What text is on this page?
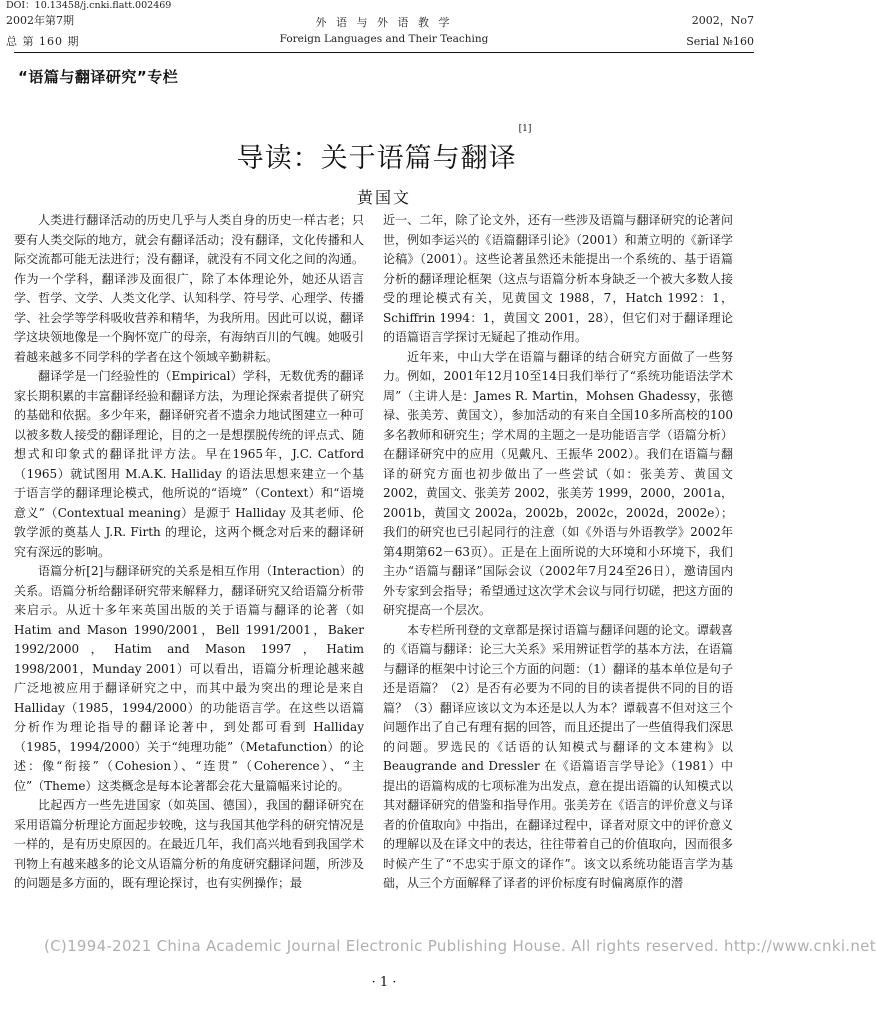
DOI：10.13458/j.cnki.flatt.002469
2002年第7期
总 第 160 期
外 语 与 外 语 教 学
Foreign Languages and Their Teaching
2002，No7
Serial №160
“语篇与翻译研究”专栏
导读：关于语篇与翻译[1]
黄国文

人类进行翻译活动的历史几乎与人类自身的历史一样古老；只要有人类交际的地方，就会有翻译活动；没有翻译，文化传播和人际交流都可能无法进行；没有翻译，就没有不同文化之间的沟通。作为一个学科，翻译涉及面很广，除了本体理论外，她还从语言学、哲学、文学、人类文化学、认知科学、符号学、心理学、传播学、社会学等学科吸收营养和精华，为我所用。因此可以说，翻译学这块领地像是一个胸怀宽广的母亲，有海纳百川的气魄。她吸引着越来越多不同学科的学者在这个领域辛勤耕耘。

翻译学是一门经验性的（Empirical）学科，无数优秀的翻译家长期积累的丰富翻译经验和翻译方法，为理论探索者提供了研究的基础和依据。多少年来，翻译研究者不遗余力地试图建立一种可以被多数人接受的翻译理论，目的之一是想摆脱传统的评点式、随想式和印象式的翻译批评方法。早在1965年，J.C. Catford（1965）就试图用 M.A.K. Halliday 的语法思想来建立一个基于语言学的翻译理论模式，他所说的“语境”（Context）和“语境意义”（Contextual meaning）是源于 Halliday 及其老师、伦敦学派的奠基人 J.R. Firth 的理论，这两个概念对后来的翻译研究有深远的影响。

语篇分析[2]与翻译研究的关系是相互作用（Interaction）的关系。语篇分析给翻译研究带来解释力，翻译研究又给语篇分析带来启示。从近十多年来英国出版的关于语篇与翻译的论著（如 Hatim and Mason 1990/2001，Bell 1991/2001，Baker 1992/2000，Hatim and Mason 1997，Hatim 1998/2001，Munday 2001）可以看出，语篇分析理论越来越广泛地被应用于翻译研究之中，而其中最为突出的理论是来自 Halliday（1985，1994/2000）的功能语言学。在这些以语篇分析作为理论指导的翻译论著中，到处都可看到 Halliday（1985，1994/2000）关于“纯理功能”（Metafunction）的论述：像“衔接”（Cohesion）、“连贯”（Coherence）、“主位”（Theme）这类概念是每本论著都会花大量篇幅来讨论的。

比起西方一些先进国家（如英国、德国），我国的翻译研究在采用语篇分析理论方面起步较晚，这与我国其他学科的研究情况是一样的，是有历史原因的。在最近几年，我们高兴地看到我国学术刊物上有越来越多的论文从语篇分析的角度研究翻译问题，所涉及的问题是多方面的，既有理论探讨，也有实例操作；最

近一、二年，除了论文外，还有一些涉及语篇与翻译研究的论著问世，例如李运兴的《语篇翻译引论》（2001）和萧立明的《新译学论稿》（2001）。这些论著虽然还未能提出一个系统的、基于语篇分析的翻译理论框架（这点与语篇分析本身缺乏一个被大多数人接受的理论模式有关，见黄国文 1988，7，Hatch 1992：1，Schiffrin 1994：1，黄国文 2001，28），但它们对于翻译理论的语篇语言学探讨无疑起了推动作用。

近年来，中山大学在语篇与翻译的结合研究方面做了一些努力。例如，2001年12月10至14日我们举行了“系统功能语法学术周”（主讲人是：James R. Martin，Mohsen Ghadessy，张德禄、张美芳、黄国文），参加活动的有来自全国10多所高校的100多名教师和研究生；学术周的主题之一是功能语言学（语篇分析）在翻译研究中的应用（见戴凡、王振华 2002）。我们在语篇与翻译的研究方面也初步做出了一些尝试（如：张美芳、黄国文 2002，黄国文、张美芳 2002，张美芳 1999，2000，2001a，2001b，黄国文 2002a，2002b，2002c，2002d，2002e）；我们的研究也已引起同行的注意（如《外语与外语教学》2002年第4期第62－63页）。正是在上面所说的大环境和小环境下，我们主办“语篇与翻译”国际会议（2002年7月24至26日），邀请国内外专家到会指导；希望通过这次学术会议与同行切磋，把这方面的研究提高一个层次。

本专栏所刊登的文章都是探讨语篇与翻译问题的论文。谭载喜的《语篇与翻译：论三大关系》采用辨证哲学的基本方法，在语篇与翻译的框架中讨论三个方面的问题：（1）翻译的基本单位是句子还是语篇？（2）是否有必要为不同的目的读者提供不同的目的语篇？（3）翻译应该以文为本还是以人为本？谭载喜不但对这三个问题作出了自己有理有据的回答，而且还提出了一些值得我们深思的问题。罗选民的《话语的认知模式与翻译的文本建构》以 Beaugrande and Dressler 在《语篇语言学导论》（1981）中提出的语篇构成的七项标准为出发点，意在提出语篇的认知模式以其对翻译研究的借鉴和指导作用。张美芳在《语言的评价意义与译者的价值取向》中指出，在翻译过程中，译者对原文中的评价意义的理解以及在译文中的表达，往往带着自己的价值取向，因而很多时候产生了“不忠实于原文的译作”。该文以系统功能语言学为基础，从三个方面解释了译者的评价标度有时偏离原作的潜

(C)1994-2021 China Academic Journal Electronic Publishing House. All rights reserved. http://www.cnki.net
· 1 ·
